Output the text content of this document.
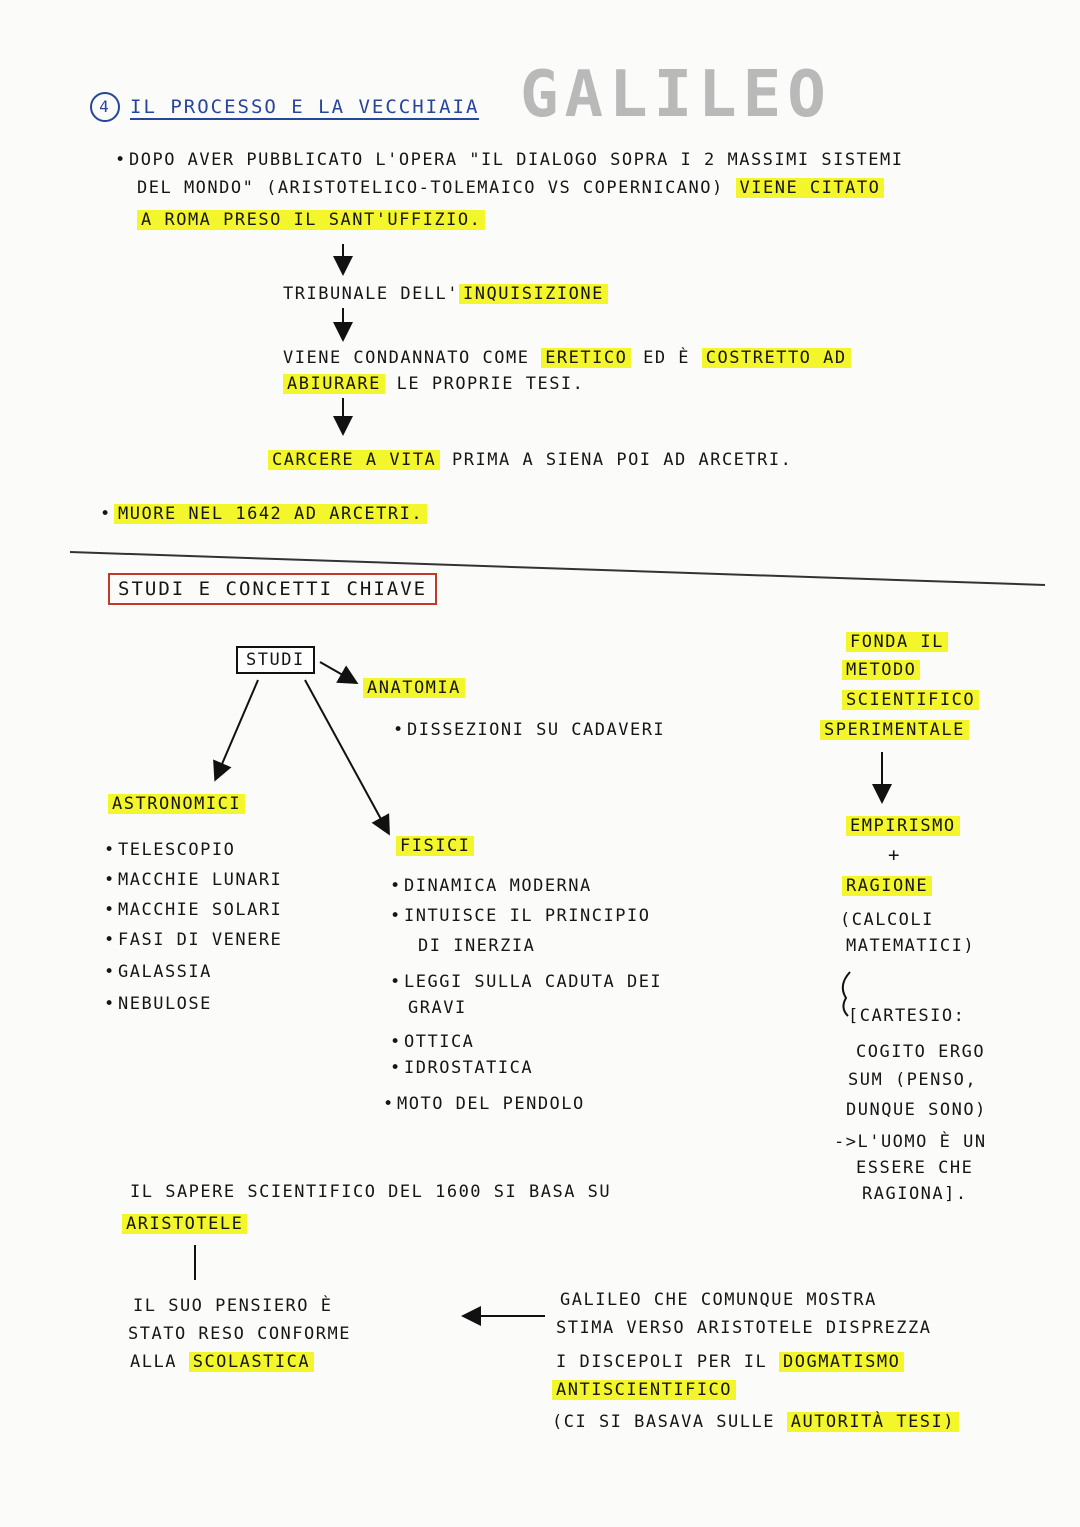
GALILEO
4 IL PROCESSO E LA VECCHIAIA
• DOPO AVER PUBBLICATO L'OPERA "IL DIALOGO SOPRA I 2 MASSIMI SISTEMI
DEL MONDO" (ARISTOTELICO-TOLEMAICO VS COPERNICANO) VIENE CITATO
A ROMA PRESO IL SANT'UFFIZIO.
TRIBUNALE DELL' INQUISIZIONE
VIENE CONDANNATO COME ERETICO ED È COSTRETTO AD
ABIURARE LE PROPRIE TESI.
CARCERE A VITA PRIMA A SIENA POI AD ARCETRI.
• MUORE NEL 1642 AD ARCETRI.
STUDI E CONCETTI CHIAVE
STUDI
ANATOMIA
• DISSEZIONI SU CADAVERI
ASTRONOMICI
• TELESCOPIO
• MACCHIE LUNARI
• MACCHIE SOLARI
• FASI DI VENERE
• GALASSIA
• NEBULOSE
FISICI
• DINAMICA MODERNA
• INTUISCE IL PRINCIPIO
DI INERZIA
• LEGGI SULLA CADUTA DEI
GRAVI
• OTTICA
• IDROSTATICA
• MOTO DEL PENDOLO
FONDA IL
METODO
SCIENTIFICO
SPERIMENTALE
EMPIRISMO
+
RAGIONE
(CALCOLI
MATEMATICI)
[CARTESIO:
COGITO ERGO
SUM (PENSO,
DUNQUE SONO)
->L'UOMO È UN
ESSERE CHE
RAGIONA].
IL SAPERE SCIENTIFICO DEL 1600 SI BASA SU
ARISTOTELE
IL SUO PENSIERO È
STATO RESO CONFORME
ALLA SCOLASTICA
GALILEO CHE COMUNQUE MOSTRA
STIMA VERSO ARISTOTELE DISPREZZA
I DISCEPOLI PER IL DOGMATISMO
ANTISCIENTIFICO
(CI SI BASAVA SULLE AUTORITÀ TESI)
